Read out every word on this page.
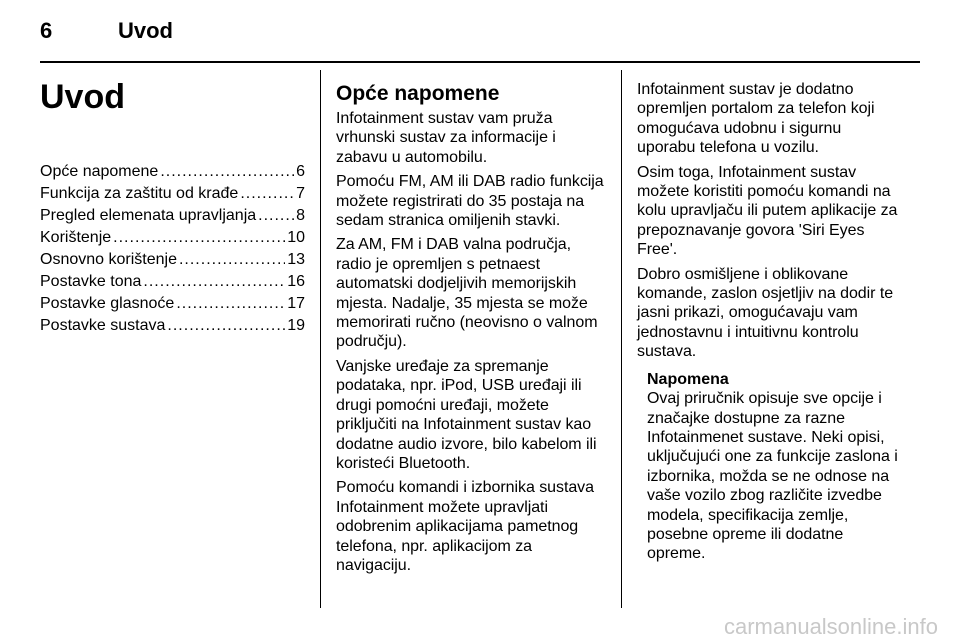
6	Uvod
Uvod
Opće napomene .....	6
Funkcija za zaštitu od krađe .....	7
Pregled elemenata upravljanja ..... 8
Korištenje .....	10
Osnovno korištenje .....	13
Postavke tona .....	16
Postavke glasnoće .....	17
Postavke sustava .....	19
Opće napomene

Infotainment sustav vam pruža vrhunski sustav za informacije i zabavu u automobilu.

Pomoću FM, AM ili DAB radio funkcija možete registrirati do 35 postaja na sedam stranica omiljenih stavki.

Za AM, FM i DAB valna područja, radio je opremljen s petnaest automatski dodjeljivih memorijskih mjesta. Nadalje, 35 mjesta se može memorirati ručno (neovisno o valnom području).

Vanjske uređaje za spremanje podataka, npr. iPod, USB uređaji ili drugi pomoćni uređaji, možete priključiti na Infotainment sustav kao dodatne audio izvore, bilo kabelom ili koristeći Bluetooth.

Pomoću komandi i izbornika sustava Infotainment možete upravljati odobrenim aplikacijama pametnog telefona, npr. aplikacijom za navigaciju.

Infotainment sustav je dodatno opremljen portalom za telefon koji omogućava udobnu i sigurnu uporabu telefona u vozilu.

Osim toga, Infotainment sustav možete koristiti pomoću komandi na kolu upravljaču ili putem aplikacije za prepoznavanje govora 'Siri Eyes Free'.

Dobro osmišljene i oblikovane komande, zaslon osjetljiv na dodir te jasni prikazi, omogućavaju vam jednostavnu i intuitivnu kontrolu sustava.

Napomena

Ovaj priručnik opisuje sve opcije i značajke dostupne za razne Infotainmenet sustave. Neki opisi, uključujući one za funkcije zaslona i izbornika, možda se ne odnose na vaše vozilo zbog različite izvedbe modela, specifikacija zemlje, posebne opreme ili dodatne opreme.

carmanualsonline.info
